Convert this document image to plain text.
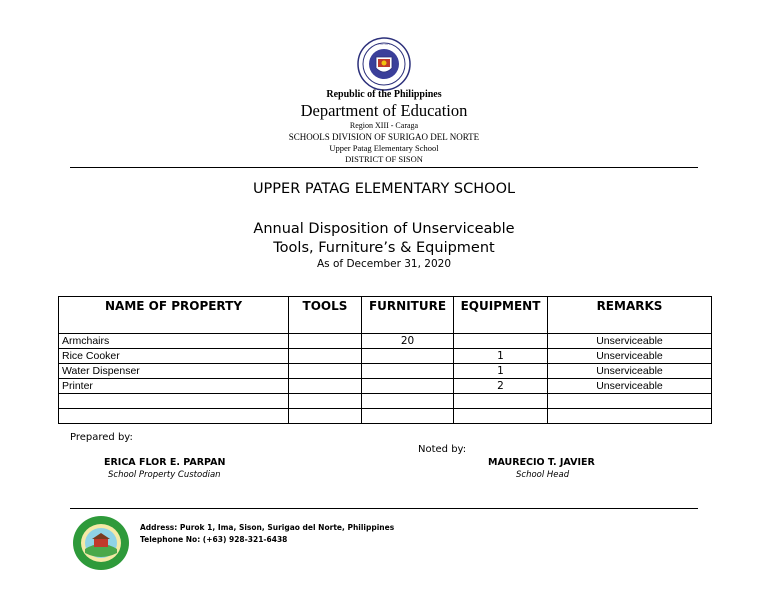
·········
Republic of the Philippines
Department of Education
Region XIII - Caraga
SCHOOLS DIVISION OF SURIGAO DEL NORTE
Upper Patag Elementary School
DISTRICT OF SISON
UPPER PATAG ELEMENTARY SCHOOL
Annual Disposition of Unserviceable
Tools, Furniture’s & Equipment
As of December 31, 2020
NAME OF PROPERTY	TOOLS	FURNITURE	EQUIPMENT	REMARKS
Armchairs		20		Unserviceable
Rice Cooker			1	Unserviceable
Water Dispenser			1	Unserviceable
Printer			2	Unserviceable

Prepared by:
ERICA FLOR E. PARPAN
School Property Custodian
Noted by:
MAURECIO T. JAVIER
School Head
Address: Purok 1, Ima, Sison, Surigao del Norte, Philippines
Telephone No: (+63) 928-321-6438
